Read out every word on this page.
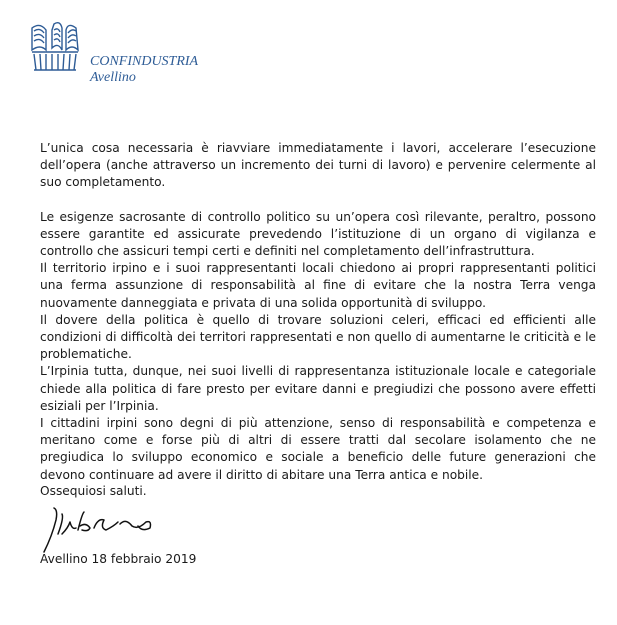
CONFINDUSTRIA
Avellino

L’unica cosa necessaria è riavviare immediatamente i lavori, accelerare l’esecuzione dell’opera (anche attraverso un incremento dei turni di lavoro) e pervenire celermente al suo completamento.

Le esigenze sacrosante di controllo politico su un’opera così rilevante, peraltro, possono essere garantite ed assicurate prevedendo l’istituzione di un organo di vigilanza e controllo che assicuri tempi certi e definiti nel completamento dell’infrastruttura.

Il territorio irpino e i suoi rappresentanti locali chiedono ai propri rappresentanti politici una ferma assunzione di responsabilità al fine di evitare che la nostra Terra venga nuovamente danneggiata e privata di una solida opportunità di sviluppo.

Il dovere della politica è quello di trovare soluzioni celeri, efficaci ed efficienti alle condizioni di difficoltà dei territori rappresentati e non quello di aumentarne le criticità e le problematiche.

L’Irpinia tutta, dunque, nei suoi livelli di rappresentanza istituzionale locale e categoriale chiede alla politica di fare presto per evitare danni e pregiudizi che possono avere effetti esiziali per l’Irpinia.

I cittadini irpini sono degni di più attenzione, senso di responsabilità e competenza e meritano come e forse più di altri di essere tratti dal secolare isolamento che ne pregiudica lo sviluppo economico e sociale a beneficio delle future generazioni che devono continuare ad avere il diritto di abitare una Terra antica e nobile.

Ossequiosi saluti.
Avellino 18 febbraio 2019
